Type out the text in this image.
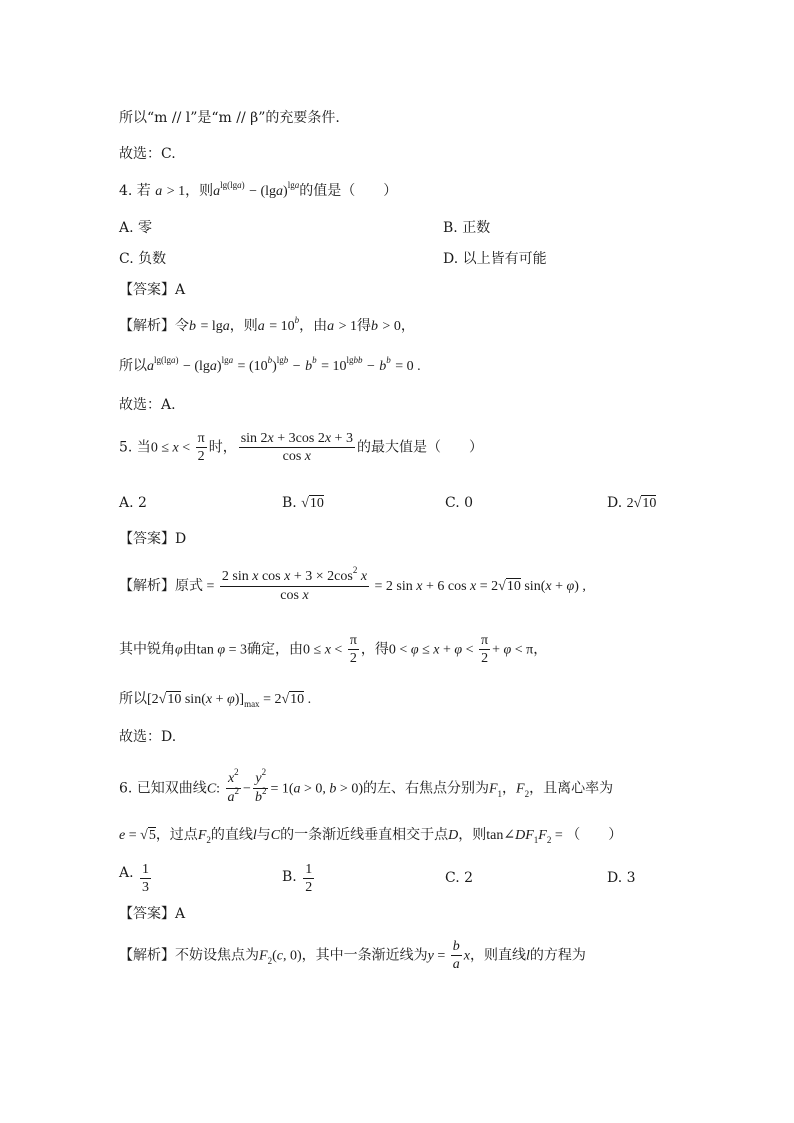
所以“m // l”是“m // β”的充要条件.
故选：C.
4. 若 a > 1，则$a^{lg(lga)} - (\lg a)^{lga}$的值是（　　）
A. 零	B. 正数
C. 负数	D. 以上皆有可能
【答案】A
【解析】令b = lga，则$a = 10^b$，由a > 1得b > 0，
所以$a^{lg(lga)} - (\lg a)^{lga} = (10^b)^{lgb} - b^b = 10^{lgbb} - b^b = 0$ .
故选：A.
5. 当$0 \le x < \frac{\pi}{2}$ 时， $\frac{\sin 2x + 3\cos 2x + 3}{\text{cos x}}$ 的最大值是（　　）
A. 2	B. √10	C. 0	D. 2√10
【答案】D
【解析】原式 = $\frac{2 \sin x \cos x + 3 \times 2\cos^2 x}{\text{cos x}} = 2$ sin x + 6 cos x = 2√10 sin(x + φ) ,
其中锐角φ由tan φ = 3确定，由$0 \le x < \frac{\pi}{2}$ ，得$0 < \varphi \le x + \varphi < \frac{\pi}{2} + \varphi < \pi$，
所以[2√10 $\sin(x + \varphi)]_{max} = 2√10$ .
故选：D.
6. 已知双曲线C: $\frac{x^2}{a^2} - \frac{y^2}{b^2} = 1(a > 0$, b > 0)的左、右焦点分别为$F_1$，$F_2$，且离心率为
e = √5，过点$F_2$的直线l与C的一条渐近线垂直相交于点D，则$\tan\angle DF_1F_2$ = （　　）
A. $\frac{1}{3}$	B. $\frac{1}{2}$	C. 2	D. 3
【答案】A
【解析】不妨设焦点为$F_2(c$, 0)，其中一条渐近线为$y = \frac{b}{a}$ x，则直线l的方程为
